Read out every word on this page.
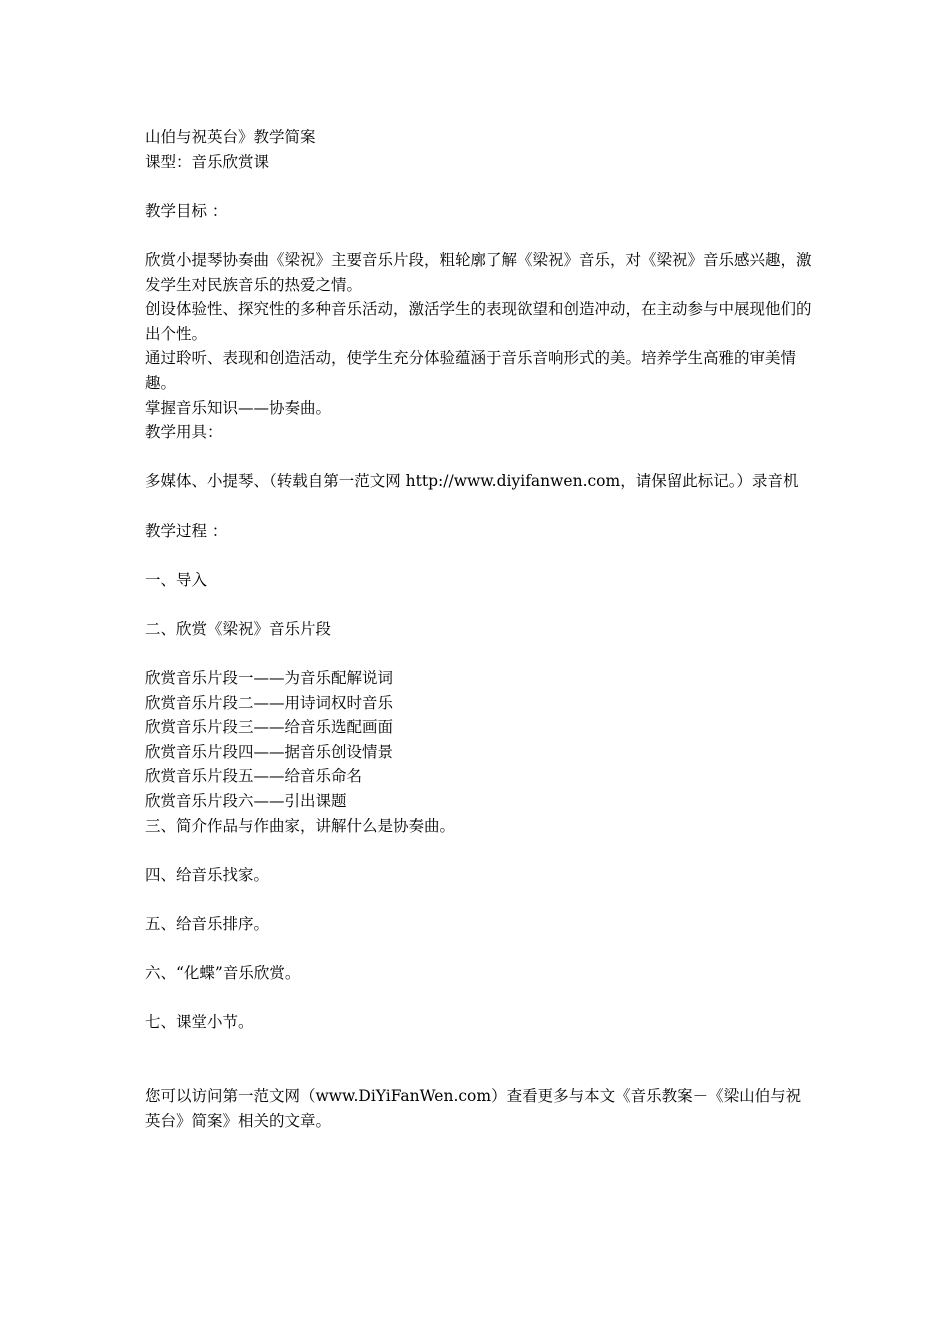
山伯与祝英台》教学简案

课型：音乐欣赏课

教学目标 ：

欣赏小提琴协奏曲《梁祝》主要音乐片段，粗轮廓了解《梁祝》音乐，对《梁祝》音乐感兴趣，激发学生对民族音乐的热爱之情。

创设体验性、探究性的多种音乐活动，激活学生的表现欲望和创造冲动，在主动参与中展现他们的出个性。

通过聆听、表现和创造活动，使学生充分体验蕴涵于音乐音响形式的美。培养学生高雅的审美情趣。

掌握音乐知识——协奏曲。

教学用具：

多媒体、小提琴、（转载自第一范文网 http://www.diyifanwen.com，请保留此标记。）录音机

教学过程 ：

一、导入

二、欣赏《梁祝》音乐片段

欣赏音乐片段一——为音乐配解说词

欣赏音乐片段二——用诗词权时音乐

欣赏音乐片段三——给音乐选配画面

欣赏音乐片段四——据音乐创设情景

欣赏音乐片段五——给音乐命名

欣赏音乐片段六——引出课题

三、简介作品与作曲家，讲解什么是协奏曲。

四、给音乐找家。

五、给音乐排序。

六、“化蝶”音乐欣赏。

七、课堂小节。

您可以访问第一范文网（www.DiYiFanWen.com）查看更多与本文《音乐教案－《梁山伯与祝英台》简案》相关的文章。
